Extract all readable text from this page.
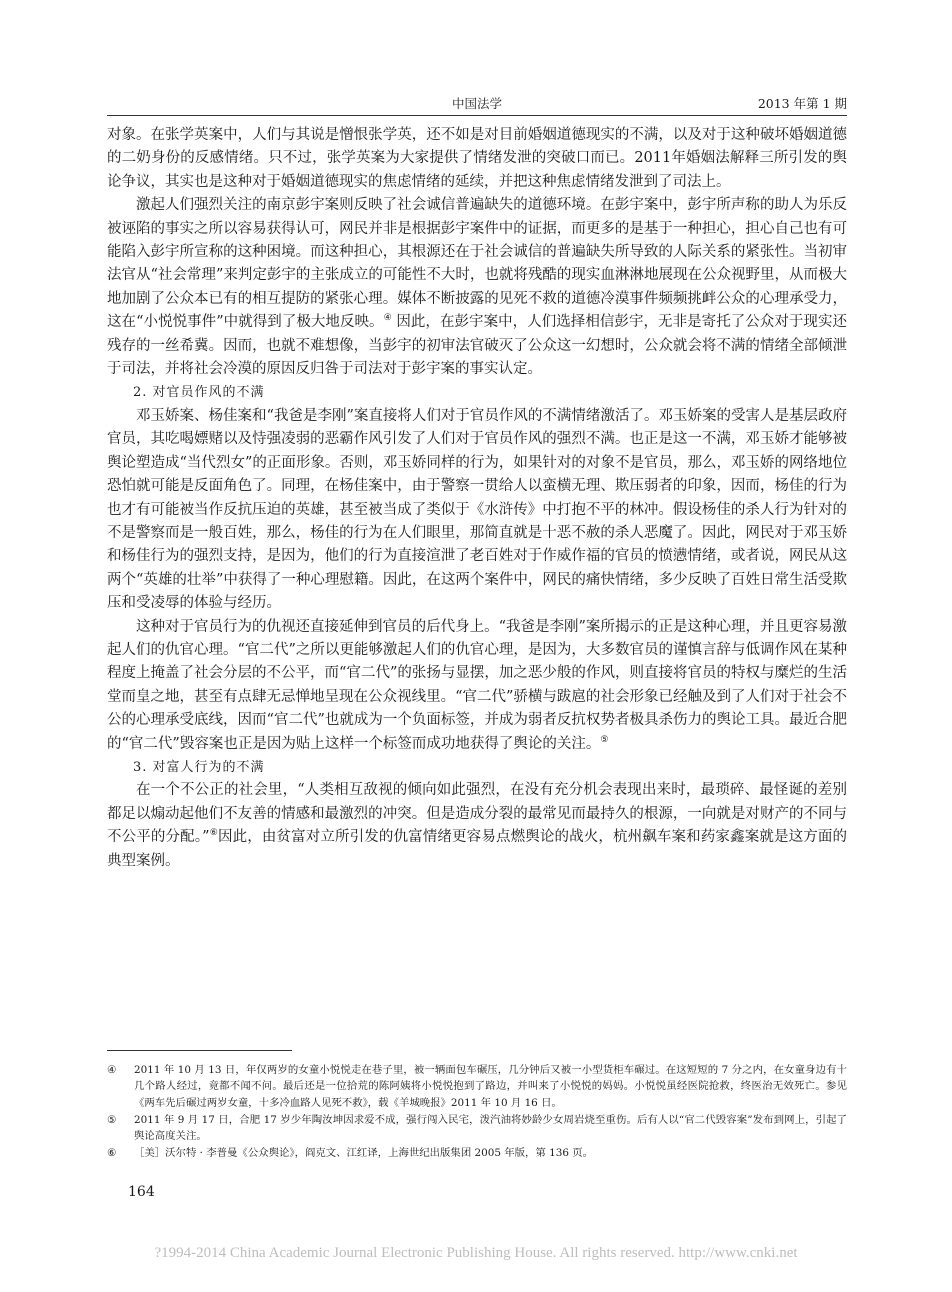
中国法学	2013 年第 1 期

对象。在张学英案中，人们与其说是憎恨张学英，还不如是对目前婚姻道德现实的不满，以及对于这种破坏婚姻道德的二奶身份的反感情绪。只不过，张学英案为大家提供了情绪发泄的突破口而已。2011年婚姻法解释三所引发的舆论争议，其实也是这种对于婚姻道德现实的焦虑情绪的延续，并把这种焦虑情绪发泄到了司法上。

激起人们强烈关注的南京彭宇案则反映了社会诚信普遍缺失的道德环境。在彭宇案中，彭宇所声称的助人为乐反被诬陷的事实之所以容易获得认可，网民并非是根据彭宇案件中的证据，而更多的是基于一种担心，担心自己也有可能陷入彭宇所宣称的这种困境。而这种担心，其根源还在于社会诚信的普遍缺失所导致的人际关系的紧张性。当初审法官从“社会常理”来判定彭宇的主张成立的可能性不大时，也就将残酷的现实血淋淋地展现在公众视野里，从而极大地加剧了公众本已有的相互提防的紧张心理。媒体不断披露的见死不救的道德冷漠事件频频挑衅公众的心理承受力，这在“小悦悦事件”中就得到了极大地反映。④ 因此，在彭宇案中，人们选择相信彭宇，无非是寄托了公众对于现实还残存的一丝希冀。因而，也就不难想像，当彭宇的初审法官破灭了公众这一幻想时，公众就会将不满的情绪全部倾泄于司法，并将社会冷漠的原因反归咎于司法对于彭宇案的事实认定。

2. 对官员作风的不满

邓玉娇案、杨佳案和“我爸是李刚”案直接将人们对于官员作风的不满情绪激活了。邓玉娇案的受害人是基层政府官员，其吃喝嫖赌以及恃强凌弱的恶霸作风引发了人们对于官员作风的强烈不满。也正是这一不满，邓玉娇才能够被舆论塑造成“当代烈女”的正面形象。否则，邓玉娇同样的行为，如果针对的对象不是官员，那么，邓玉娇的网络地位恐怕就可能是反面角色了。同理，在杨佳案中，由于警察一贯给人以蛮横无理、欺压弱者的印象，因而，杨佳的行为也才有可能被当作反抗压迫的英雄，甚至被当成了类似于《水浒传》中打抱不平的林冲。假设杨佳的杀人行为针对的不是警察而是一般百姓，那么，杨佳的行为在人们眼里，那简直就是十恶不赦的杀人恶魔了。因此，网民对于邓玉娇和杨佳行为的强烈支持，是因为，他们的行为直接渲泄了老百姓对于作威作福的官员的愤懑情绪，或者说，网民从这两个“英雄的壮举”中获得了一种心理慰籍。因此，在这两个案件中，网民的痛快情绪，多少反映了百姓日常生活受欺压和受凌辱的体验与经历。

这种对于官员行为的仇视还直接延伸到官员的后代身上。“我爸是李刚”案所揭示的正是这种心理，并且更容易激起人们的仇官心理。“官二代”之所以更能够激起人们的仇官心理，是因为，大多数官员的谨慎言辞与低调作风在某种程度上掩盖了社会分层的不公平，而“官二代”的张扬与显摆，加之恶少般的作风，则直接将官员的特权与糜烂的生活堂而皇之地，甚至有点肆无忌惮地呈现在公众视线里。“官二代”骄横与跋扈的社会形象已经触及到了人们对于社会不公的心理承受底线，因而“官二代”也就成为一个负面标签，并成为弱者反抗权势者极具杀伤力的舆论工具。最近合肥的“官二代”毁容案也正是因为贴上这样一个标签而成功地获得了舆论的关注。⑤

3. 对富人行为的不满

在一个不公正的社会里，“人类相互敌视的倾向如此强烈，在没有充分机会表现出来时，最琐碎、最怪诞的差别都足以煽动起他们不友善的情感和最激烈的冲突。但是造成分裂的最常见而最持久的根源，一向就是对财产的不同与不公平的分配。”⑥因此，由贫富对立所引发的仇富情绪更容易点燃舆论的战火，杭州飙车案和药家鑫案就是这方面的典型案例。

④ 2011 年 10 月 13 日，年仅两岁的女童小悦悦走在巷子里，被一辆面包车碾压，几分钟后又被一小型货柜车碾过。在这短短的 7 分之内，在女童身边有十几个路人经过，竟都不闻不问。最后还是一位拾荒的陈阿姨将小悦悦抱到了路边，并叫来了小悦悦的妈妈。小悦悦虽经医院抢救，终医治无效死亡。参见《两车先后碾过两岁女童，十多冷血路人见死不救》，载《羊城晚报》2011 年 10 月 16 日。
⑤ 2011 年 9 月 17 日，合肥 17 岁少年陶汝坤因求爱不成，强行闯入民宅，泼汽油将妙龄少女周岩烧至重伤。后有人以“官二代毁容案”发布到网上，引起了舆论高度关注。
⑥ ［美］沃尔特 · 李普曼《公众舆论》，阎克文、江红译，上海世纪出版集团 2005 年版，第 136 页。
164
?1994-2014 China Academic Journal Electronic Publishing House. All rights reserved. http://www.cnki.net
